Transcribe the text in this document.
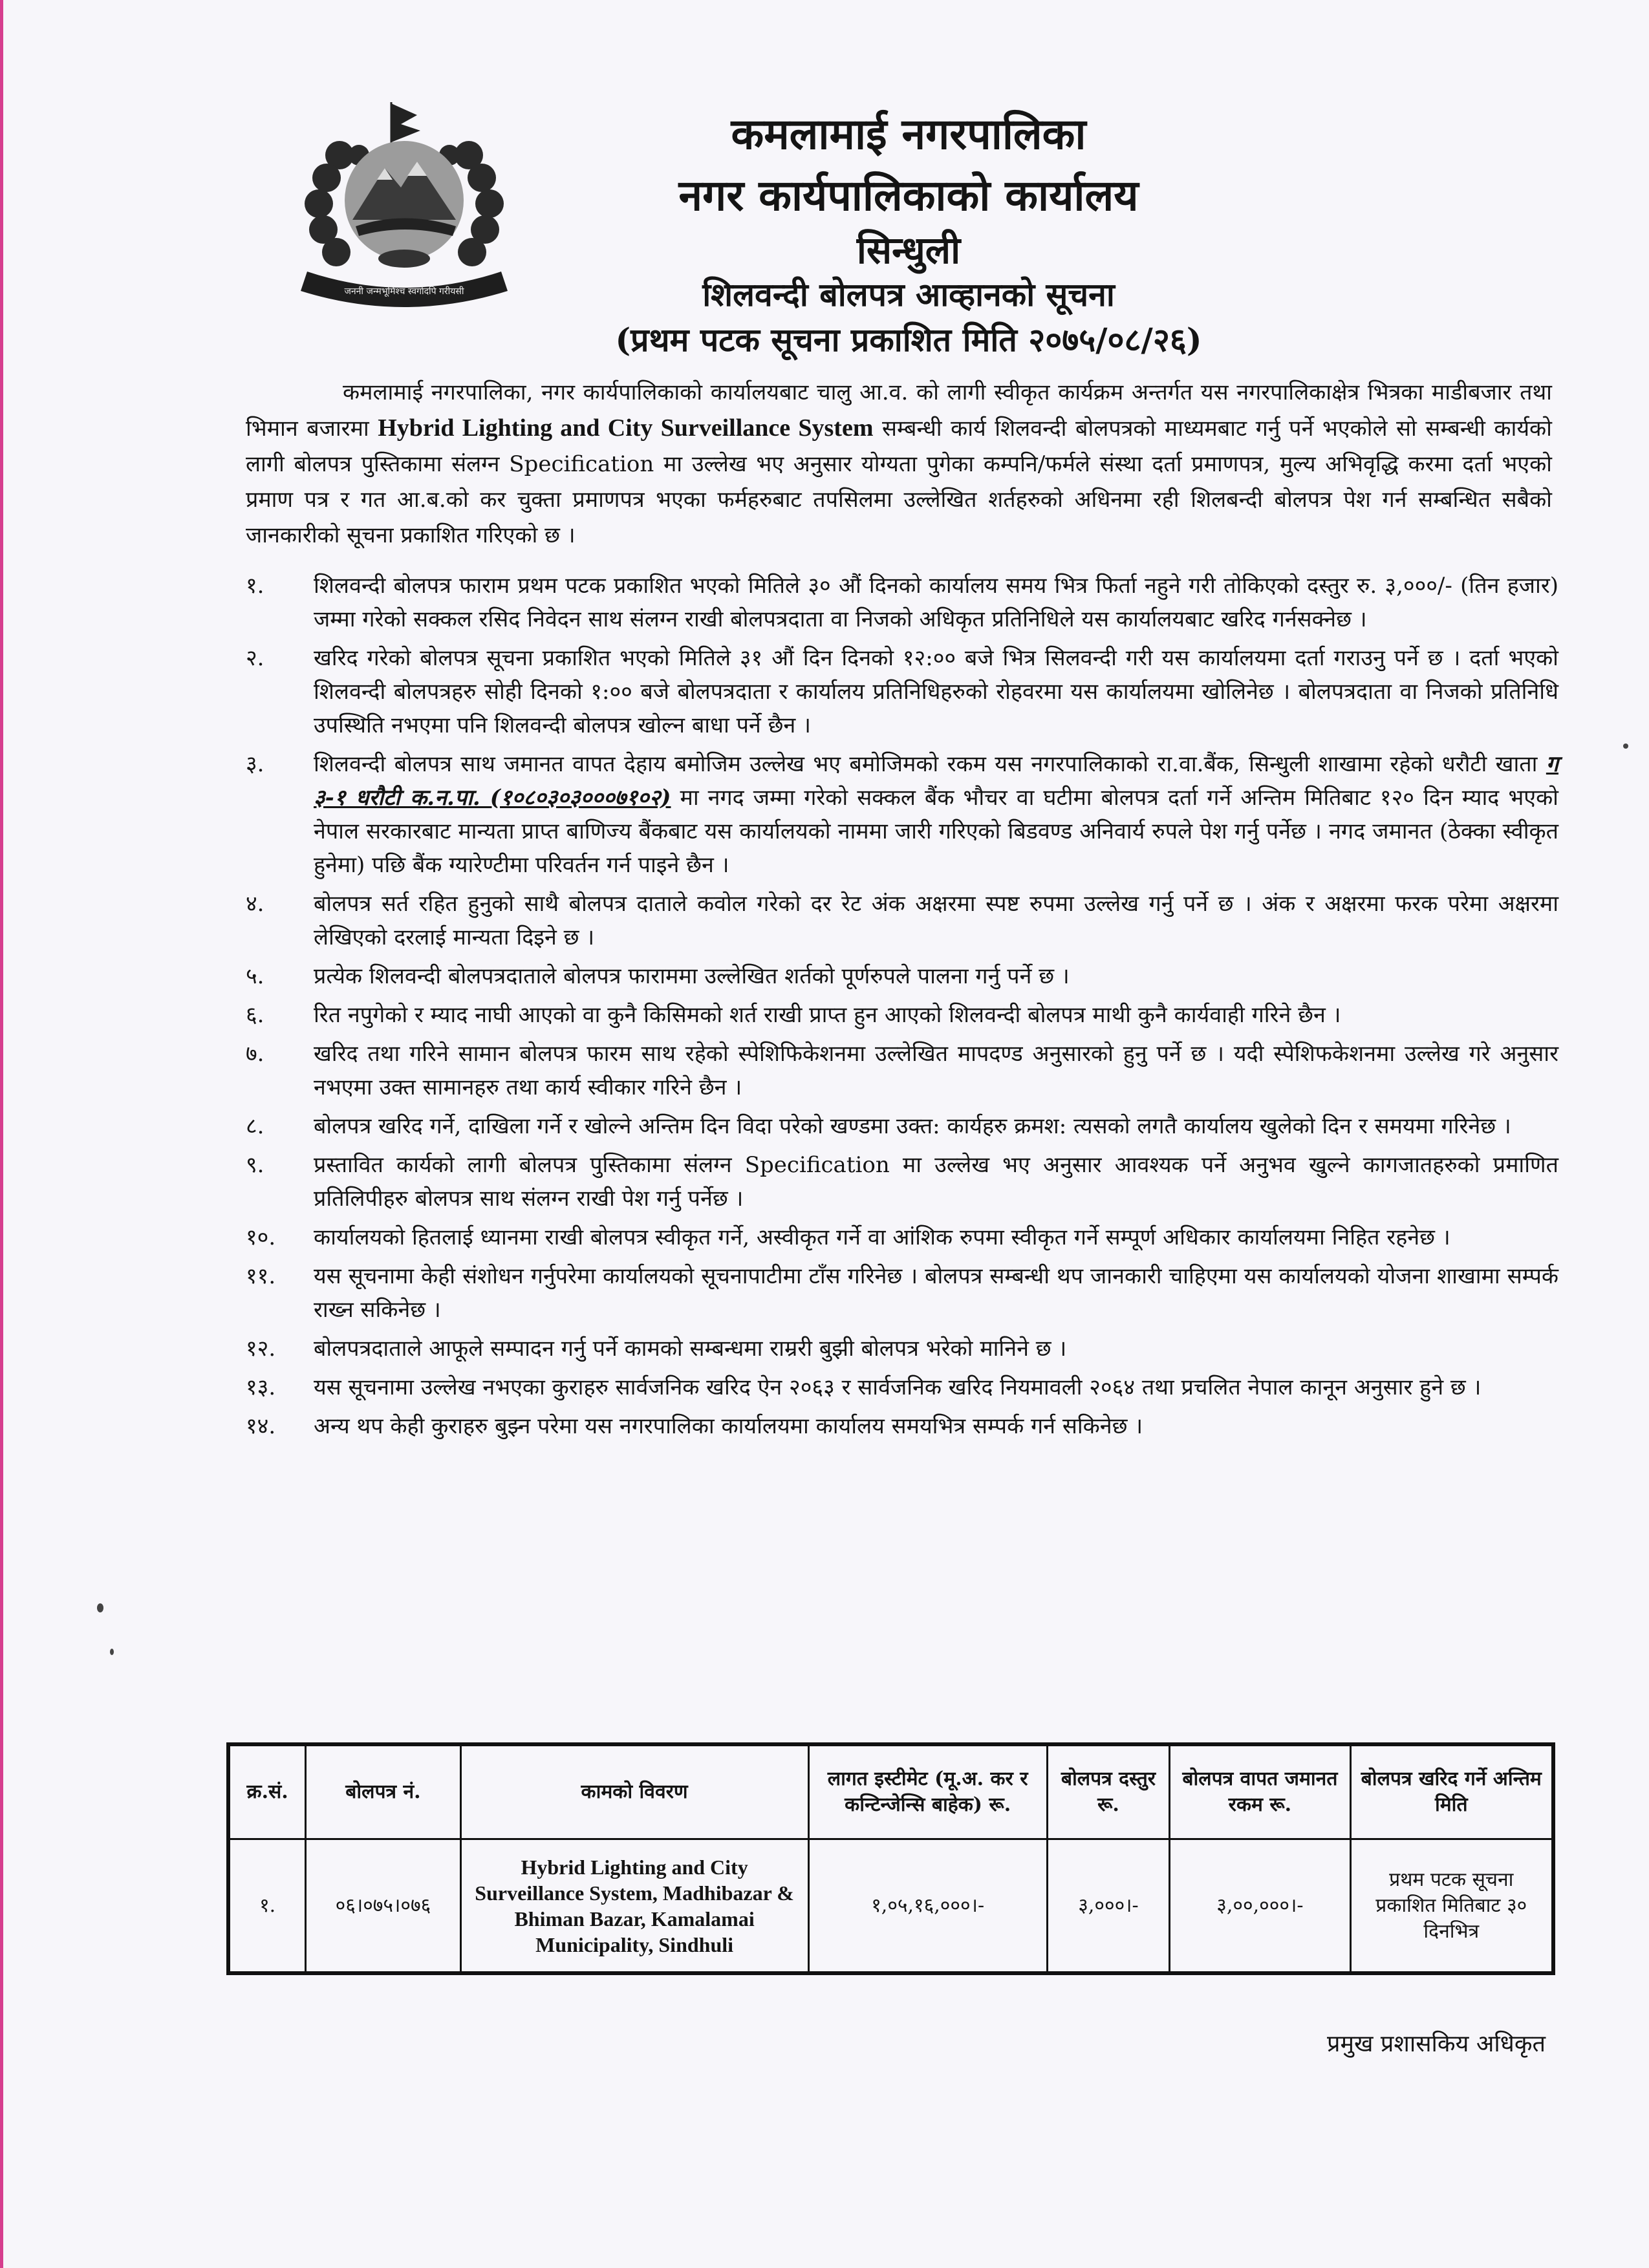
जननी जन्मभूमिश्च स्वर्गादपि गरीयसी
कमलामाई नगरपालिका
नगर कार्यपालिकाको कार्यालय
सिन्धुली
शिलवन्दी बोलपत्र आव्हानको सूचना
(प्रथम पटक सूचना प्रकाशित मिति २०७५/०८/२६)
कमलामाई नगरपालिका, नगर कार्यपालिकाको कार्यालयबाट चालु आ.व. को लागी स्वीकृत कार्यक्रम अन्तर्गत यस नगरपालिकाक्षेत्र भित्रका माडीबजार तथा भिमान बजारमा Hybrid Lighting and City Surveillance System सम्बन्धी कार्य शिलवन्दी बोलपत्रको माध्यमबाट गर्नु पर्ने भएकोले सो सम्बन्धी कार्यको लागी बोलपत्र पुस्तिकामा संलग्न Specification मा उल्लेख भए अनुसार योग्यता पुगेका कम्पनि/फर्मले संस्था दर्ता प्रमाणपत्र, मुल्य अभिवृद्धि करमा दर्ता भएको प्रमाण पत्र र गत आ.ब.को कर चुक्ता प्रमाणपत्र भएका फर्महरुबाट तपसिलमा उल्लेखित शर्तहरुको अधिनमा रही शिलबन्दी बोलपत्र पेश गर्न सम्बन्धित सबैको जानकारीको सूचना प्रकाशित गरिएको छ ।
१. शिलवन्दी बोलपत्र फाराम प्रथम पटक प्रकाशित भएको मितिले ३० औं दिनको कार्यालय समय भित्र फिर्ता नहुने गरी तोकिएको दस्तुर रु. ३,०००/- (तिन हजार) जम्मा गरेको सक्कल रसिद निवेदन साथ संलग्न राखी बोलपत्रदाता वा निजको अधिकृत प्रतिनिधिले यस कार्यालयबाट खरिद गर्नसक्नेछ ।
२. खरिद गरेको बोलपत्र सूचना प्रकाशित भएको मितिले ३१ औं दिन दिनको १२:०० बजे भित्र सिलवन्दी गरी यस कार्यालयमा दर्ता गराउनु पर्ने छ । दर्ता भएको शिलवन्दी बोलपत्रहरु सोही दिनको १:०० बजे बोलपत्रदाता र कार्यालय प्रतिनिधिहरुको रोहवरमा यस कार्यालयमा खोलिनेछ । बोलपत्रदाता वा निजको प्रतिनिधि उपस्थिति नभएमा पनि शिलवन्दी बोलपत्र खोल्न बाधा पर्ने छैन ।
३. शिलवन्दी बोलपत्र साथ जमानत वापत देहाय बमोजिम उल्लेख भए बमोजिमको रकम यस नगरपालिकाको रा.वा.बैंक, सिन्धुली शाखामा रहेको धरौटी खाता ग ३-१ धरौटी क.न.पा. (१०८०३०३०००७१०२) मा नगद जम्मा गरेको सक्कल बैंक भौचर वा घटीमा बोलपत्र दर्ता गर्ने अन्तिम मितिबाट १२० दिन म्याद भएको नेपाल सरकारबाट मान्यता प्राप्त बाणिज्य बैंकबाट यस कार्यालयको नाममा जारी गरिएको बिडवण्ड अनिवार्य रुपले पेश गर्नु पर्नेछ । नगद जमानत (ठेक्का स्वीकृत हुनेमा) पछि बैंक ग्यारेण्टीमा परिवर्तन गर्न पाइने छैन ।
४. बोलपत्र सर्त रहित हुनुको साथै बोलपत्र दाताले कवोल गरेको दर रेट अंक अक्षरमा स्पष्ट रुपमा उल्लेख गर्नु पर्ने छ । अंक र अक्षरमा फरक परेमा अक्षरमा लेखिएको दरलाई मान्यता दिइने छ ।
५. प्रत्येक शिलवन्दी बोलपत्रदाताले बोलपत्र फाराममा उल्लेखित शर्तको पूर्णरुपले पालना गर्नु पर्ने छ ।
६. रित नपुगेको र म्याद नाघी आएको वा कुनै किसिमको शर्त राखी प्राप्त हुन आएको शिलवन्दी बोलपत्र माथी कुनै कार्यवाही गरिने छैन ।
७. खरिद तथा गरिने सामान बोलपत्र फारम साथ रहेको स्पेशिफिकेशनमा उल्लेखित मापदण्ड अनुसारको हुनु पर्ने छ । यदी स्पेशिफकेशनमा उल्लेख गरे अनुसार नभएमा उक्त सामानहरु तथा कार्य स्वीकार गरिने छैन ।
८. बोलपत्र खरिद गर्ने, दाखिला गर्ने र खोल्ने अन्तिम दिन विदा परेको खण्डमा उक्त: कार्यहरु क्रमश: त्यसको लगतै कार्यालय खुलेको दिन र समयमा गरिनेछ ।
९. प्रस्तावित कार्यको लागी बोलपत्र पुस्तिकामा संलग्न Specification मा उल्लेख भए अनुसार आवश्यक पर्ने अनुभव खुल्ने कागजातहरुको प्रमाणित प्रतिलिपीहरु बोलपत्र साथ संलग्न राखी पेश गर्नु पर्नेछ ।
१०. कार्यालयको हितलाई ध्यानमा राखी बोलपत्र स्वीकृत गर्ने, अस्वीकृत गर्ने वा आंशिक रुपमा स्वीकृत गर्ने सम्पूर्ण अधिकार कार्यालयमा निहित रहनेछ ।
११. यस सूचनामा केही संशोधन गर्नुपरेमा कार्यालयको सूचनापाटीमा टाँस गरिनेछ । बोलपत्र सम्बन्धी थप जानकारी चाहिएमा यस कार्यालयको योजना शाखामा सम्पर्क राख्न सकिनेछ ।
१२. बोलपत्रदाताले आफूले सम्पादन गर्नु पर्ने कामको सम्बन्धमा राम्ररी बुझी बोलपत्र भरेको मानिने छ ।
१३. यस सूचनामा उल्लेख नभएका कुराहरु सार्वजनिक खरिद ऐन २०६३ र सार्वजनिक खरिद नियमावली २०६४ तथा प्रचलित नेपाल कानून अनुसार हुने छ ।
१४. अन्य थप केही कुराहरु बुझ्न परेमा यस नगरपालिका कार्यालयमा कार्यालय समयभित्र सम्पर्क गर्न सकिनेछ ।
क्र.सं.	बोलपत्र नं.	कामको विवरण	लागत इस्टीमेट (मू.अ. कर र कन्टिन्जेन्सि बाहेक) रू.	बोलपत्र दस्तुर रू.	बोलपत्र वापत जमानत रकम रू.	बोलपत्र खरिद गर्ने अन्तिम मिति
१.	०६।०७५।०७६	Hybrid Lighting and City Surveillance System, Madhibazar & Bhiman Bazar, Kamalamai Municipality, Sindhuli	१,०५,१६,०००।-	३,०००।-	३,००,०००।-	प्रथम पटक सूचना प्रकाशित मितिबाट ३० दिनभित्र
प्रमुख प्रशासकिय अधिकृत
